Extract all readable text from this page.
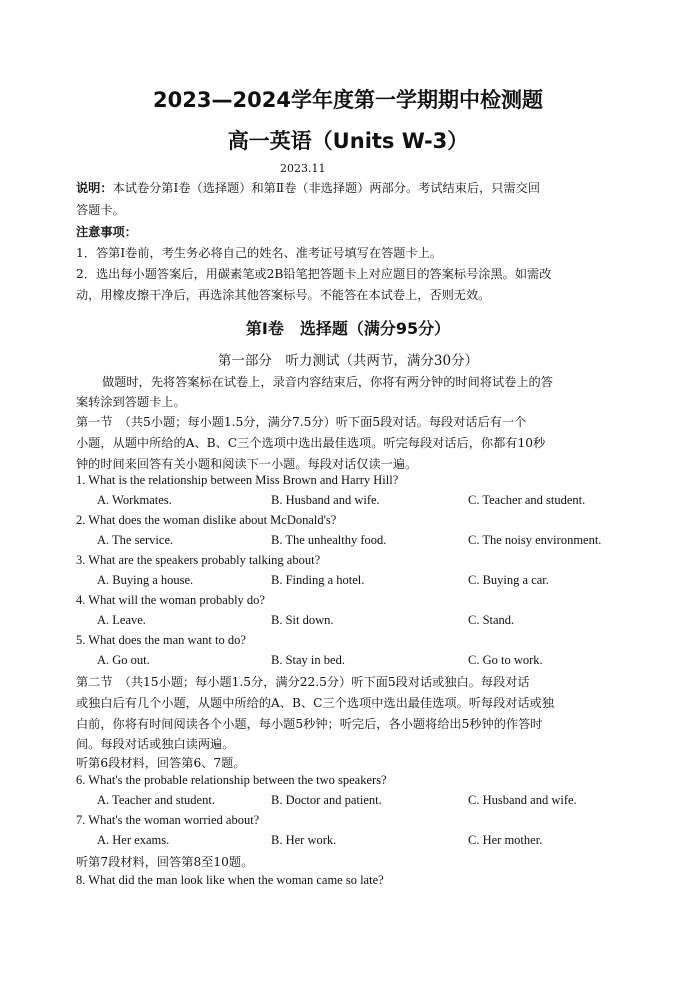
2023—2024学年度第一学期期中检测题
高一英语（Units W-3）
2023.11
说明：本试卷分第Ⅰ卷（选择题）和第Ⅱ卷（非选择题）两部分。考试结束后，只需交回
答题卡。
注意事项：
1．答第Ⅰ卷前，考生务必将自己的姓名、准考证号填写在答题卡上。
2．选出每小题答案后，用碳素笔或2B铅笔把答题卡上对应题目的答案标号涂黑。如需改
动，用橡皮擦干净后，再选涂其他答案标号。不能答在本试卷上，否则无效。
第Ⅰ卷　选择题（满分95分）
第一部分　听力测试（共两节，满分30分）
做题时，先将答案标在试卷上，录音内容结束后，你将有两分钟的时间将试卷上的答
案转涂到答题卡上。
第一节　（共5小题；每小题1.5分，满分7.5分）听下面5段对话。每段对话后有一个
小题，从题中所给的A、B、C三个选项中选出最佳选项。听完每段对话后，你都有10秒
钟的时间来回答有关小题和阅读下一小题。每段对话仅读一遍。
1. What is the relationship between Miss Brown and Harry Hill?
A. Workmates.	B. Husband and wife.	C. Teacher and student.
2. What does the woman dislike about McDonald's?
A. The service.	B. The unhealthy food.	C. The noisy environment.
3. What are the speakers probably talking about?
A. Buying a house.	B. Finding a hotel.	C. Buying a car.
4. What will the woman probably do?
A. Leave.	B. Sit down.	C. Stand.
5. What does the man want to do?
A. Go out.	B. Stay in bed.	C. Go to work.
第二节　（共15小题；每小题1.5分，满分22.5分）听下面5段对话或独白。每段对话
或独白后有几个小题，从题中所给的A、B、C三个选项中选出最佳选项。听每段对话或独
白前，你将有时间阅读各个小题，每小题5秒钟；听完后，各小题将给出5秒钟的作答时
间。每段对话或独白读两遍。
听第6段材料，回答第6、7题。
6. What's the probable relationship between the two speakers?
A. Teacher and student.	B. Doctor and patient.	C. Husband and wife.
7. What's the woman worried about?
A. Her exams.	B. Her work.	C. Her mother.
听第7段材料，回答第8至10题。
8. What did the man look like when the woman came so late?
